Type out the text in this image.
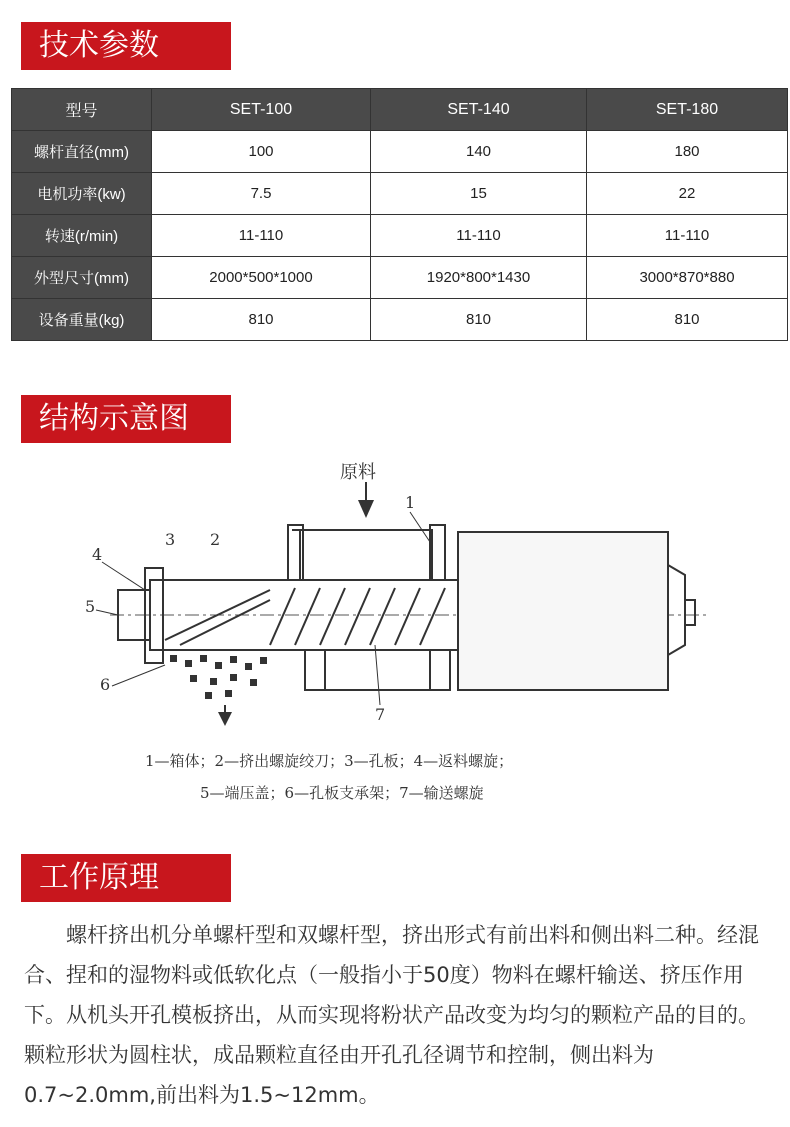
技术参数
型号	SET-100	SET-140	SET-180
螺杆直径(mm)	100	140	180
电机功率(kw)	7.5	15	22
转速(r/min)	11-110	11-110	11-110
外型尺寸(mm)	2000*500*1000	1920*800*1430	3000*870*880
设备重量(kg)	810	810	810
结构示意图
原料
1
2
3
4
5
6
7
1—箱体；2—挤出螺旋绞刀；3—孔板；4—返料螺旋；
5—端压盖；6—孔板支承架；7—输送螺旋
工作原理
螺杆挤出机分单螺杆型和双螺杆型，挤出形式有前出料和侧出料二种。经混合、捏和的湿物料或低软化点（一般指小于50度）物料在螺杆输送、挤压作用下。从机头开孔模板挤出，从而实现将粉状产品改变为均匀的颗粒产品的目的。颗粒形状为圆柱状，成品颗粒直径由开孔孔径调节和控制，侧出料为0.7~2.0mm,前出料为1.5~12mm。
